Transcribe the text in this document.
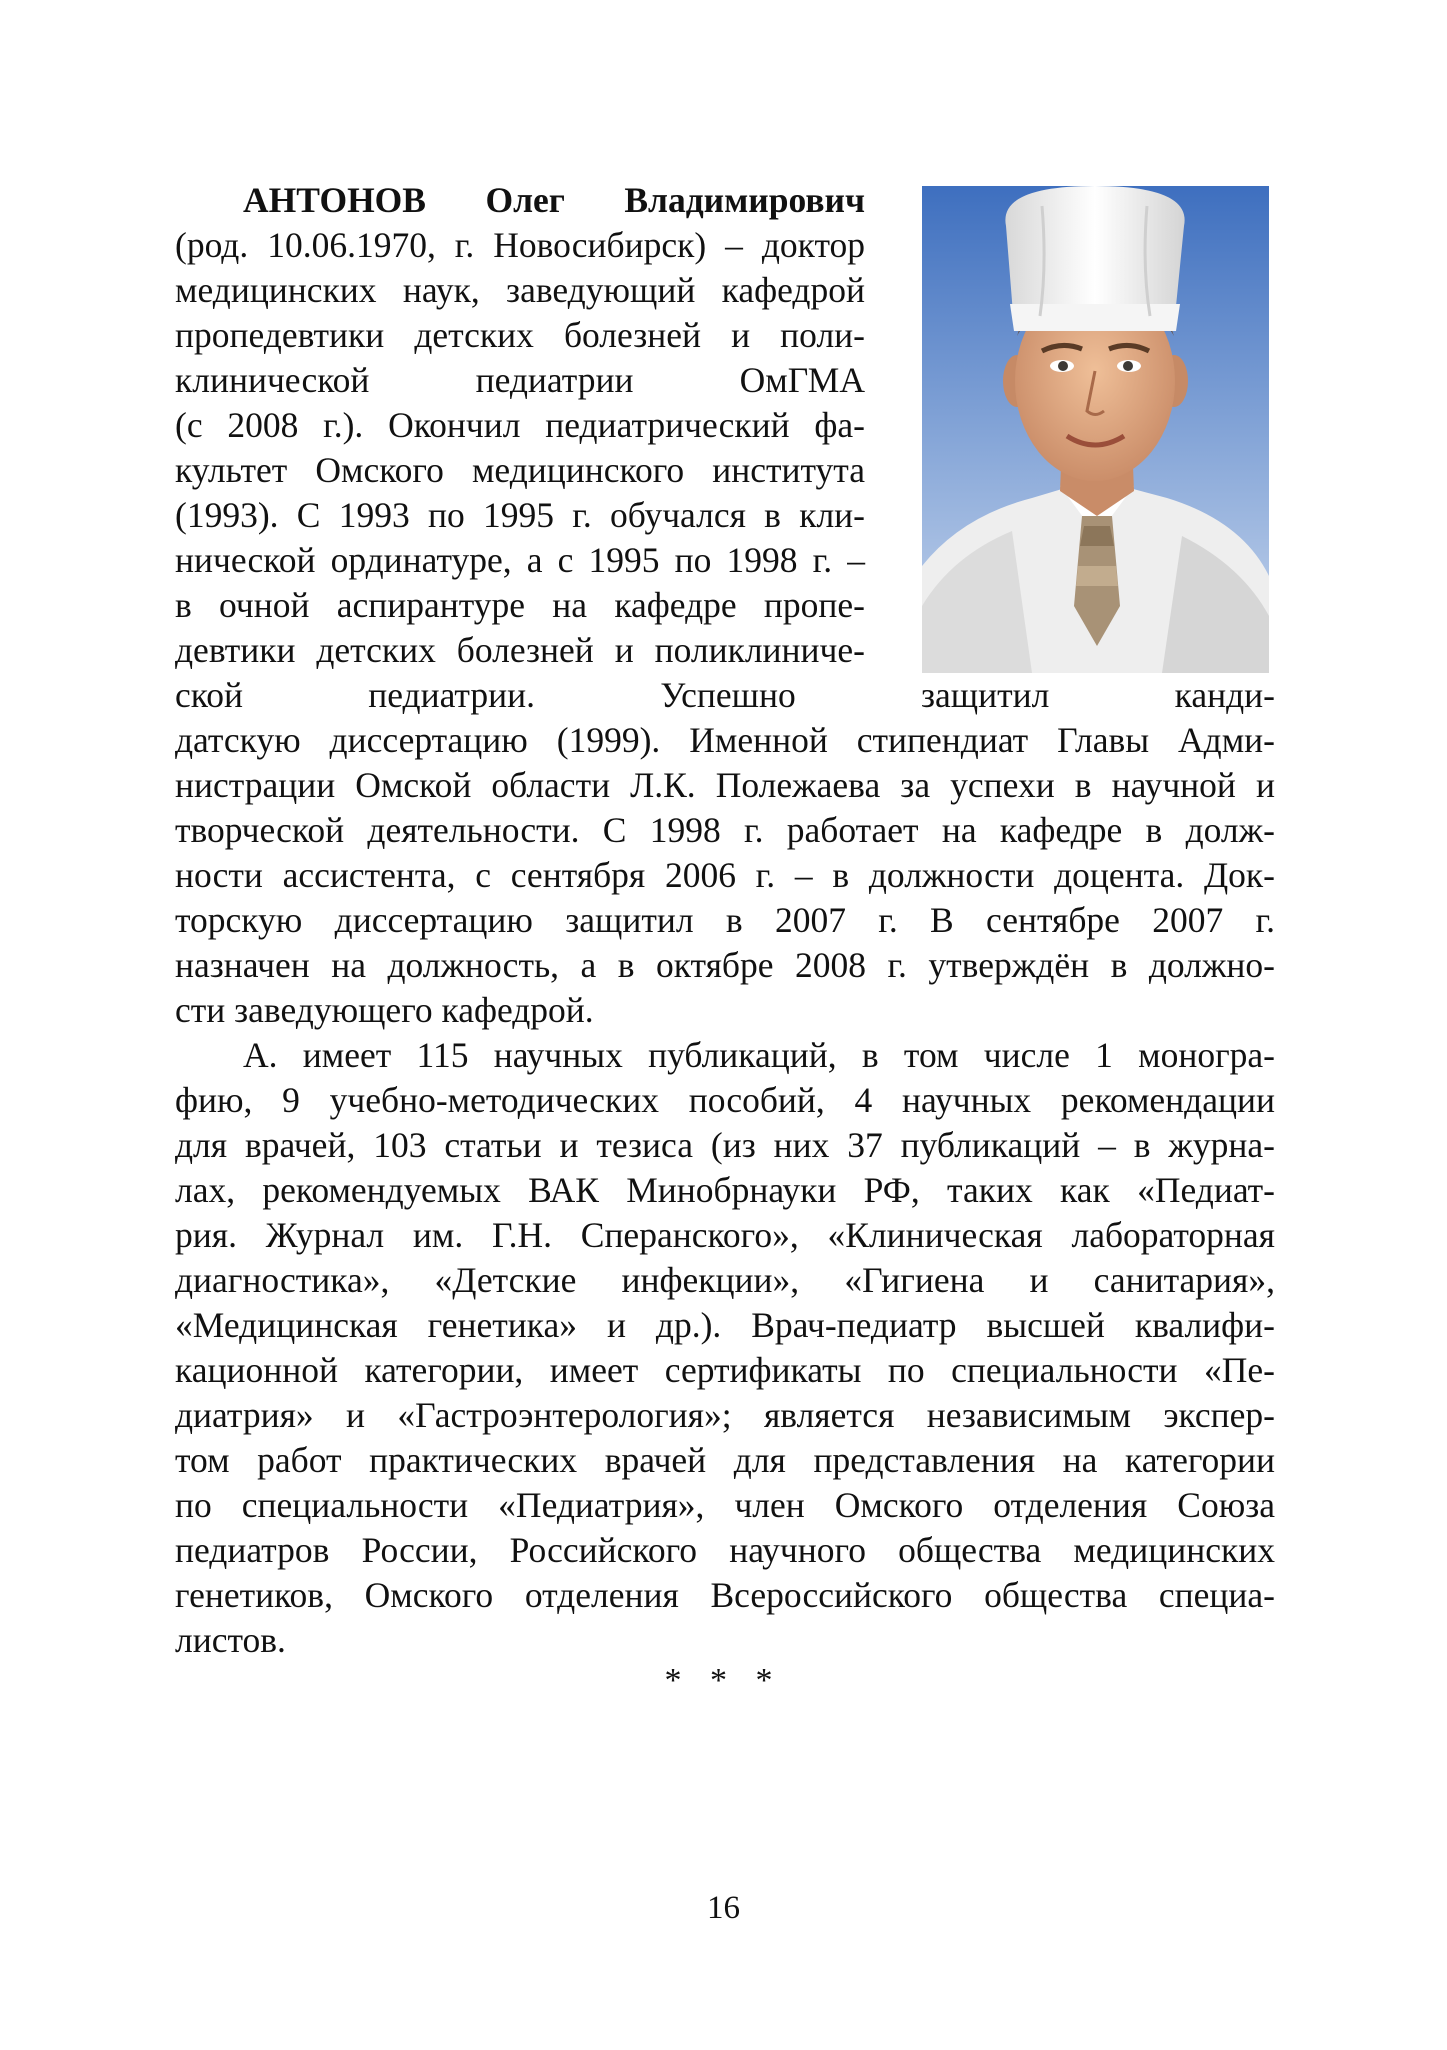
АНТОНОВ Олег Владимирович
(род. 10.06.1970, г. Новосибирск) – доктор
медицинских наук, заведующий кафедрой
пропедевтики детских болезней и поли-
клинической педиатрии ОмГМА
(с 2008 г.). Окончил педиатрический фа-
культет Омского медицинского института
(1993). С 1993 по 1995 г. обучался в кли-
нической ординатуре, а с 1995 по 1998 г. –
в очной аспирантуре на кафедре пропе-
девтики детских болезней и поликлиниче-
ской педиатрии. Успешно защитил канди-
датскую диссертацию (1999). Именной стипендиат Главы Адми-
нистрации Омской области Л.К. Полежаева за успехи в научной и
творческой деятельности. С 1998 г. работает на кафедре в долж-
ности ассистента, с сентября 2006 г. – в должности доцента. Док-
торскую диссертацию защитил в 2007 г. В сентябре 2007 г.
назначен на должность, а в октябре 2008 г. утверждён в должно-
сти заведующего кафедрой.
А. имеет 115 научных публикаций, в том числе 1 моногра-
фию, 9 учебно-методических пособий, 4 научных рекомендации
для врачей, 103 статьи и тезиса (из них 37 публикаций – в журна-
лах, рекомендуемых ВАК Минобрнауки РФ, таких как «Педиат-
рия. Журнал им. Г.Н. Сперанского», «Клиническая лабораторная
диагностика», «Детские инфекции», «Гигиена и санитария»,
«Медицинская генетика» и др.). Врач-педиатр высшей квалифи-
кационной категории, имеет сертификаты по специальности «Пе-
диатрия» и «Гастроэнтерология»; является независимым экспер-
том работ практических врачей для представления на категории
по специальности «Педиатрия», член Омского отделения Союза
педиатров России, Российского научного общества медицинских
генетиков, Омского отделения Всероссийского общества специа-
листов.
* * *
16
